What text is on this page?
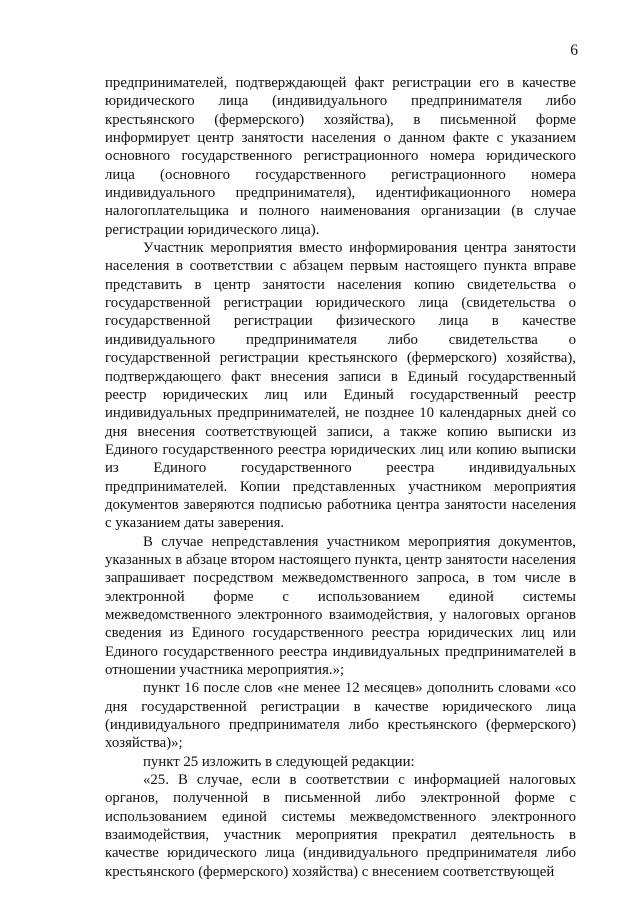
6

предпринимателей, подтверждающей факт регистрации его в качестве юридического лица (индивидуального предпринимателя либо крестьянского (фермерского) хозяйства), в письменной форме информирует центр занятости населения о данном факте с указанием основного государственного регистрационного номера юридического лица (основного государственного регистрационного номера индивидуального предпринимателя), идентификационного номера налогоплательщика и полного наименования организации (в случае регистрации юридического лица).

Участник мероприятия вместо информирования центра занятости населения в соответствии с абзацем первым настоящего пункта вправе представить в центр занятости населения копию свидетельства о государственной регистрации юридического лица (свидетельства о государственной регистрации физического лица в качестве индивидуального предпринимателя либо свидетельства о государственной регистрации крестьянского (фермерского) хозяйства), подтверждающего факт внесения записи в Единый государственный реестр юридических лиц или Единый государственный реестр индивидуальных предпринимателей, не позднее 10 календарных дней со дня внесения соответствующей записи, а также копию выписки из Единого государственного реестра юридических лиц или копию выписки из Единого государственного реестра индивидуальных предпринимателей. Копии представленных участником мероприятия документов заверяются подписью работника центра занятости населения с указанием даты заверения.

В случае непредставления участником мероприятия документов, указанных в абзаце втором настоящего пункта, центр занятости населения запрашивает посредством межведомственного запроса, в том числе в электронной форме с использованием единой системы межведомственного электронного взаимодействия, у налоговых органов сведения из Единого государственного реестра юридических лиц или Единого государственного реестра индивидуальных предпринимателей в отношении участника мероприятия.»;

пункт 16 после слов «не менее 12 месяцев» дополнить словами «со дня государственной регистрации в качестве юридического лица (индивидуального предпринимателя либо крестьянского (фермерского) хозяйства)»;

пункт 25 изложить в следующей редакции:

«25. В случае, если в соответствии с информацией налоговых органов, полученной в письменной либо электронной форме с использованием единой системы межведомственного электронного взаимодействия, участник мероприятия прекратил деятельность в качестве юридического лица (индивидуального предпринимателя либо крестьянского (фермерского) хозяйства) с внесением соответствующей
